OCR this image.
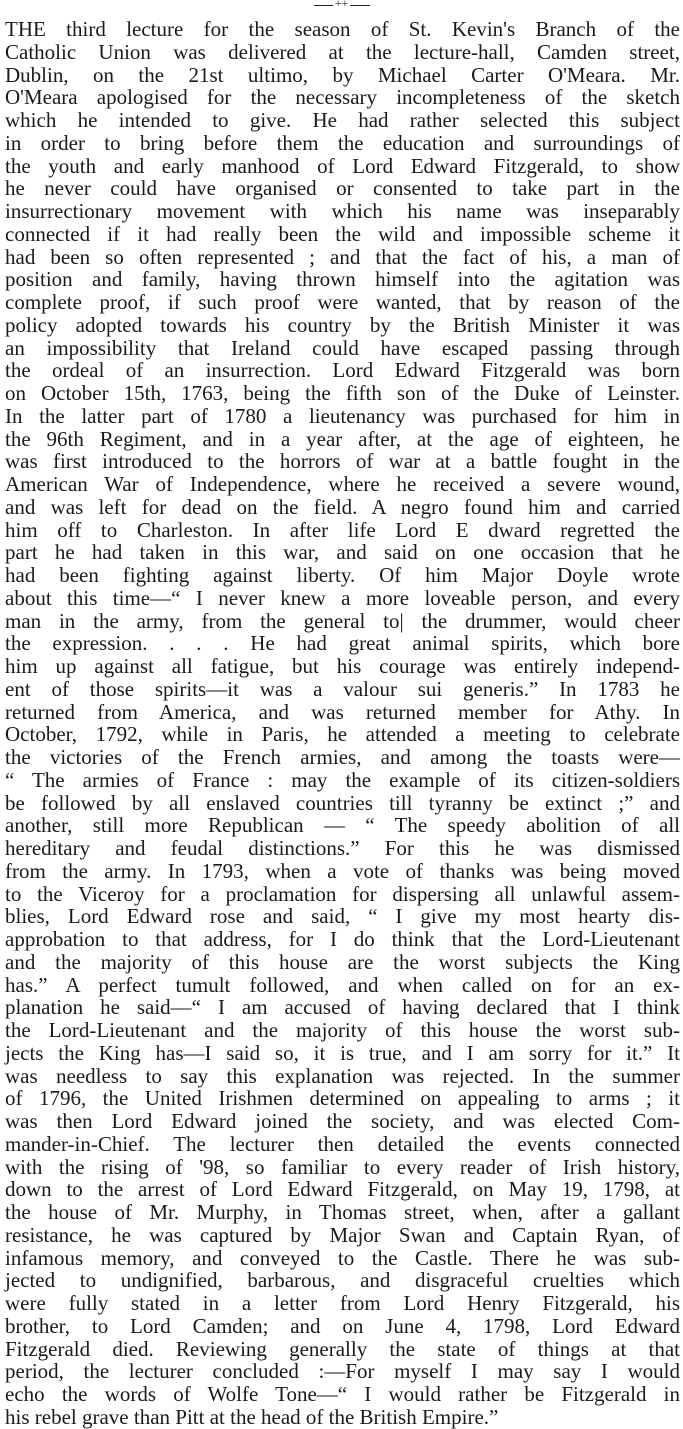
++
THE third lecture for the season of St. Kevin's Branch of the
Catholic Union was delivered at the lecture-hall, Camden street,
Dublin, on the 21st ultimo, by Michael Carter O'Meara. Mr.
O'Meara apologised for the necessary incompleteness of the sketch
which he intended to give. He had rather selected this subject
in order to bring before them the education and surroundings of
the youth and early manhood of Lord Edward Fitzgerald, to show
he never could have organised or consented to take part in the
insurrectionary movement with which his name was inseparably
connected if it had really been the wild and impossible scheme it
had been so often represented ; and that the fact of his, a man of
position and family, having thrown himself into the agitation was
complete proof, if such proof were wanted, that by reason of the
policy adopted towards his country by the British Minister it was
an impossibility that Ireland could have escaped passing through
the ordeal of an insurrection. Lord Edward Fitzgerald was born
on October 15th, 1763, being the fifth son of the Duke of Leinster.
In the latter part of 1780 a lieutenancy was purchased for him in
the 96th Regiment, and in a year after, at the age of eighteen, he
was first introduced to the horrors of war at a battle fought in the
American War of Independence, where he received a severe wound,
and was left for dead on the field. A negro found him and carried
him off to Charleston. In after life Lord E dward regretted the
part he had taken in this war, and said on one occasion that he
had been fighting against liberty. Of him Major Doyle wrote
about this time—“ I never knew a more loveable person, and every
man in the army, from the general to| the drummer, would cheer
the expression. . . . He had great animal spirits, which bore
him up against all fatigue, but his courage was entirely independ-
ent of those spirits—it was a valour sui generis.” In 1783 he
returned from America, and was returned member for Athy. In
October, 1792, while in Paris, he attended a meeting to celebrate
the victories of the French armies, and among the toasts were—
“ The armies of France : may the example of its citizen-soldiers
be followed by all enslaved countries till tyranny be extinct ;” and
another, still more Republican — “ The speedy abolition of all
hereditary and feudal distinctions.” For this he was dismissed
from the army. In 1793, when a vote of thanks was being moved
to the Viceroy for a proclamation for dispersing all unlawful assem-
blies, Lord Edward rose and said, “ I give my most hearty dis-
approbation to that address, for I do think that the Lord-Lieutenant
and the majority of this house are the worst subjects the King
has.” A perfect tumult followed, and when called on for an ex-
planation he said—“ I am accused of having declared that I think
the Lord-Lieutenant and the majority of this house the worst sub-
jects the King has—I said so, it is true, and I am sorry for it.” It
was needless to say this explanation was rejected. In the summer
of 1796, the United Irishmen determined on appealing to arms ; it
was then Lord Edward joined the society, and was elected Com-
mander-in-Chief. The lecturer then detailed the events connected
with the rising of '98, so familiar to every reader of Irish history,
down to the arrest of Lord Edward Fitzgerald, on May 19, 1798, at
the house of Mr. Murphy, in Thomas street, when, after a gallant
resistance, he was captured by Major Swan and Captain Ryan, of
infamous memory, and conveyed to the Castle. There he was sub-
jected to undignified, barbarous, and disgraceful cruelties which
were fully stated in a letter from Lord Henry Fitzgerald, his
brother, to Lord Camden; and on June 4, 1798, Lord Edward
Fitzgerald died. Reviewing generally the state of things at that
period, the lecturer concluded :—For myself I may say I would
echo the words of Wolfe Tone—“ I would rather be Fitzgerald in
his rebel grave than Pitt at the head of the British Empire.”
